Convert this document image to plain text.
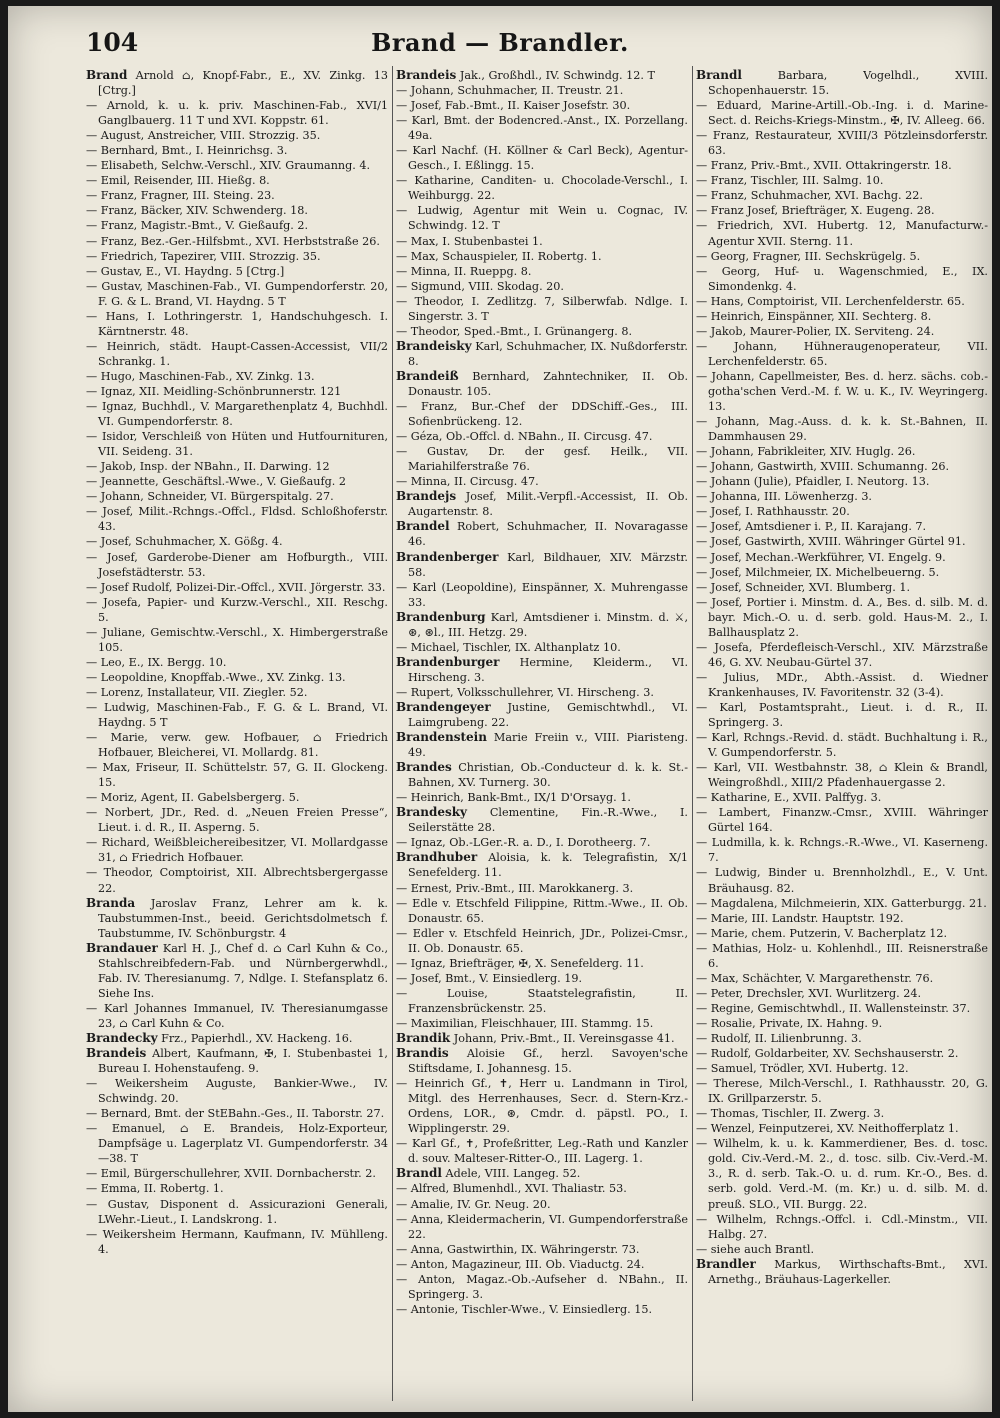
104	Brand — Brandler.
Brand Arnold ⌂, Knopf-Fabr., E., XV. Zinkg. 13 [Ctrg.]
— Arnold, k. u. k. priv. Maschinen-Fab., XVI/1 Ganglbauerg. 11 T und XVI. Koppstr. 61.
— August, Anstreicher, VIII. Strozzig. 35.
— Bernhard, Bmt., I. Heinrichsg. 3.
— Elisabeth, Selchw.-Verschl., XIV. Graumanng. 4.
— Emil, Reisender, III. Hießg. 8.
— Franz, Fragner, III. Steing. 23.
— Franz, Bäcker, XIV. Schwenderg. 18.
— Franz, Magistr.-Bmt., V. Gießaufg. 2.
— Franz, Bez.-Ger.-Hilfsbmt., XVI. Herbststraße 26.
— Friedrich, Tapezirer, VIII. Strozzig. 35.
— Gustav, E., VI. Haydng. 5 [Ctrg.]
— Gustav, Maschinen-Fab., VI. Gumpendorferstr. 20, F. G. & L. Brand, VI. Haydng. 5 T
— Hans, I. Lothringerstr. 1, Handschuhgesch. I. Kärntnerstr. 48.
— Heinrich, städt. Haupt-Cassen-Accessist, VII/2 Schrankg. 1.
— Hugo, Maschinen-Fab., XV. Zinkg. 13.
— Ignaz, XII. Meidling-Schönbrunnerstr. 121
— Ignaz, Buchhdl., V. Margarethenplatz 4, Buchhdl. VI. Gumpendorferstr. 8.
— Isidor, Verschleiß von Hüten und Hutfournituren, VII. Seideng. 31.
— Jakob, Insp. der NBahn., II. Darwing. 12
— Jeannette, Geschäftsl.-Wwe., V. Gießaufg. 2
— Johann, Schneider, VI. Bürgerspitalg. 27.
— Josef, Milit.-Rchngs.-Offcl., Fldsd. Schloßhoferstr. 43.
— Josef, Schuhmacher, X. Gößg. 4.
— Josef, Garderobe-Diener am Hofburgth., VIII. Josefstädterstr. 53.
— Josef Rudolf, Polizei-Dir.-Offcl., XVII. Jörgerstr. 33.
— Josefa, Papier- und Kurzw.-Verschl., XII. Reschg. 5.
— Juliane, Gemischtw.-Verschl., X. Himbergerstraße 105.
— Leo, E., IX. Bergg. 10.
— Leopoldine, Knopffab.-Wwe., XV. Zinkg. 13.
— Lorenz, Installateur, VII. Ziegler. 52.
— Ludwig, Maschinen-Fab., F. G. & L. Brand, VI. Haydng. 5 T
— Marie, verw. gew. Hofbauer, ⌂ Friedrich Hofbauer, Bleicherei, VI. Mollardg. 81.
— Max, Friseur, II. Schüttelstr. 57, G. II. Glockeng. 15.
— Moriz, Agent, II. Gabelsbergerg. 5.
— Norbert, JDr., Red. d. „Neuen Freien Presse“, Lieut. i. d. R., II. Asperng. 5.
— Richard, Weißbleichereibesitzer, VI. Mollardgasse 31, ⌂ Friedrich Hofbauer.
— Theodor, Comptoirist, XII. Albrechtsbergergasse 22.
Branda Jaroslav Franz, Lehrer am k. k. Taubstummen-Inst., beeid. Gerichtsdolmetsch f. Taubstumme, IV. Schönburgstr. 4
Brandauer Karl H. J., Chef d. ⌂ Carl Kuhn & Co., Stahlschreibfedern-Fab. und Nürnbergerwhdl., Fab. IV. Theresianumg. 7, Ndlge. I. Stefansplatz 6. Siehe Ins.
— Karl Johannes Immanuel, IV. Theresianumgasse 23, ⌂ Carl Kuhn & Co.
Brandecky Frz., Papierhdl., XV. Hackeng. 16.
Brandeis Albert, Kaufmann, ✠, I. Stubenbastei 1, Bureau I. Hohenstaufeng. 9.
— Weikersheim Auguste, Bankier-Wwe., IV. Schwindg. 20.
— Bernard, Bmt. der StEBahn.-Ges., II. Taborstr. 27.
— Emanuel, ⌂ E. Brandeis, Holz-Exporteur, Dampfsäge u. Lagerplatz VI. Gumpendorferstr. 34—38. T
— Emil, Bürgerschullehrer, XVII. Dornbacherstr. 2.
— Emma, II. Robertg. 1.
— Gustav, Disponent d. Assicurazioni Generali, LWehr.-Lieut., I. Landskrong. 1.
— Weikersheim Hermann, Kaufmann, IV. Mühlleng. 4.
Brandeis Jak., Großhdl., IV. Schwindg. 12. T
— Johann, Schuhmacher, II. Treustr. 21.
— Josef, Fab.-Bmt., II. Kaiser Josefstr. 30.
— Karl, Bmt. der Bodencred.-Anst., IX. Porzellang. 49a.
— Karl Nachf. (H. Köllner & Carl Beck), Agentur-Gesch., I. Eßlingg. 15.
— Katharine, Canditen- u. Chocolade-Verschl., I. Weihburgg. 22.
— Ludwig, Agentur mit Wein u. Cognac, IV. Schwindg. 12. T
— Max, I. Stubenbastei 1.
— Max, Schauspieler, II. Robertg. 1.
— Minna, II. Rueppg. 8.
— Sigmund, VIII. Skodag. 20.
— Theodor, I. Zedlitzg. 7, Silberwfab. Ndlge. I. Singerstr. 3. T
— Theodor, Sped.-Bmt., I. Grünangerg. 8.
Brandeisky Karl, Schuhmacher, IX. Nußdorferstr. 8.
Brandeiß Bernhard, Zahntechniker, II. Ob. Donaustr. 105.
— Franz, Bur.-Chef der DDSchiff.-Ges., III. Sofienbrückeng. 12.
— Géza, Ob.-Offcl. d. NBahn., II. Circusg. 47.
— Gustav, Dr. der gesf. Heilk., VII. Mariahilferstraße 76.
— Minna, II. Circusg. 47.
Brandejs Josef, Milit.-Verpfl.-Accessist, II. Ob. Augartenstr. 8.
Brandel Robert, Schuhmacher, II. Novaragasse 46.
Brandenberger Karl, Bildhauer, XIV. Märzstr. 58.
— Karl (Leopoldine), Einspänner, X. Muhrengasse 33.
Brandenburg Karl, Amtsdiener i. Minstm. d. ⚔, ⊛, ⊛l., III. Hetzg. 29.
— Michael, Tischler, IX. Althanplatz 10.
Brandenburger Hermine, Kleiderm., VI. Hirscheng. 3.
— Rupert, Volksschullehrer, VI. Hirscheng. 3.
Brandengeyer Justine, Gemischtwhdl., VI. Laimgrubeng. 22.
Brandenstein Marie Freiin v., VIII. Piaristeng. 49.
Brandes Christian, Ob.-Conducteur d. k. k. St.-Bahnen, XV. Turnerg. 30.
— Heinrich, Bank-Bmt., IX/1 D'Orsayg. 1.
Brandesky Clementine, Fin.-R.-Wwe., I. Seilerstätte 28.
— Ignaz, Ob.-LGer.-R. a. D., I. Dorotheerg. 7.
Brandhuber Aloisia, k. k. Telegrafistin, X/1 Senefelderg. 11.
— Ernest, Priv.-Bmt., III. Marokkanerg. 3.
— Edle v. Etschfeld Filippine, Rittm.-Wwe., II. Ob. Donaustr. 65.
— Edler v. Etschfeld Heinrich, JDr., Polizei-Cmsr., II. Ob. Donaustr. 65.
— Ignaz, Briefträger, ✠, X. Senefelderg. 11.
— Josef, Bmt., V. Einsiedlerg. 19.
— Louise, Staatstelegrafistin, II. Franzensbrückenstr. 25.
— Maximilian, Fleischhauer, III. Stammg. 15.
Brandik Johann, Priv.-Bmt., II. Vereinsgasse 41.
Brandis Aloisie Gf., herzl. Savoyen'sche Stiftsdame, I. Johannesg. 15.
— Heinrich Gf., ✝, Herr u. Landmann in Tirol, Mitgl. des Herrenhauses, Secr. d. Stern-Krz.-Ordens, LOR., ⊛, Cmdr. d. päpstl. PO., I. Wipplingerstr. 29.
— Karl Gf., ✝, Profeßritter, Leg.-Rath und Kanzler d. souv. Malteser-Ritter-O., III. Lagerg. 1.
Brandl Adele, VIII. Langeg. 52.
— Alfred, Blumenhdl., XVI. Thaliastr. 53.
— Amalie, IV. Gr. Neug. 20.
— Anna, Kleidermacherin, VI. Gumpendorferstraße 22.
— Anna, Gastwirthin, IX. Währingerstr. 73.
— Anton, Magazineur, III. Ob. Viaductg. 24.
— Anton, Magaz.-Ob.-Aufseher d. NBahn., II. Springerg. 3.
— Antonie, Tischler-Wwe., V. Einsiedlerg. 15.
Brandl	Barbara, Vogelhdl., XVIII. Schopenhauerstr. 15.
— Eduard, Marine-Artill.-Ob.-Ing. i. d. Marine-Sect. d. Reichs-Kriegs-Minstm., ✠, IV. Alleeg. 66.
— Franz, Restaurateur, XVIII/3 Pötzleinsdorferstr. 63.
— Franz, Priv.-Bmt., XVII. Ottakringerstr. 18.
— Franz, Tischler, III. Salmg. 10.
— Franz, Schuhmacher, XVI. Bachg. 22.
— Franz Josef, Briefträger, X. Eugeng. 28.
— Friedrich, XVI. Hubertg. 12, Manufacturw.-Agentur XVII. Sterng. 11.
— Georg, Fragner, III. Sechskrügelg. 5.
— Georg, Huf- u. Wagenschmied, E., IX. Simondenkg. 4.
— Hans, Comptoirist, VII. Lerchenfelderstr. 65.
— Heinrich, Einspänner, XII. Sechterg. 8.
— Jakob, Maurer-Polier, IX. Serviteng. 24.
— Johann, Hühneraugenoperateur, VII. Lerchenfelderstr. 65.
— Johann, Capellmeister, Bes. d. herz. sächs. cob.-gotha'schen Verd.-M. f. W. u. K., IV. Weyringerg. 13.
— Johann, Mag.-Auss. d. k. k. St.-Bahnen, II. Dammhausen 29.
— Johann, Fabrikleiter, XIV. Huglg. 26.
— Johann, Gastwirth, XVIII. Schumanng. 26.
— Johann (Julie), Pfaidler, I. Neutorg. 13.
— Johanna, III. Löwenherzg. 3.
— Josef, I. Rathhausstr. 20.
— Josef, Amtsdiener i. P., II. Karajang. 7.
— Josef, Gastwirth, XVIII. Währinger Gürtel 91.
— Josef, Mechan.-Werkführer, VI. Engelg. 9.
— Josef, Milchmeier, IX. Michelbeuerng. 5.
— Josef, Schneider, XVI. Blumberg. 1.
— Josef, Portier i. Minstm. d. A., Bes. d. silb. M. d. bayr. Mich.-O. u. d. serb. gold. Haus-M. 2., I. Ballhausplatz 2.
— Josefa, Pferdefleisch-Verschl., XIV. Märzstraße 46, G. XV. Neubau-Gürtel 37.
— Julius, MDr., Abth.-Assist. d. Wiedner Krankenhauses, IV. Favoritenstr. 32 (3-4).
— Karl, Postamtspraht., Lieut. i. d. R., II. Springerg. 3.
— Karl, Rchngs.-Revid. d. städt. Buchhaltung i. R., V. Gumpendorferstr. 5.
— Karl, VII. Westbahnstr. 38, ⌂ Klein & Brandl, Weingroßhdl., XIII/2 Pfadenhauergasse 2.
— Katharine, E., XVII. Palffyg. 3.
— Lambert, Finanzw.-Cmsr., XVIII. Währinger Gürtel 164.
— Ludmilla, k. k. Rchngs.-R.-Wwe., VI. Kaserneng. 7.
— Ludwig, Binder u. Brennholzhdl., E., V. Unt. Bräuhausg. 82.
— Magdalena, Milchmeierin, XIX. Gatterburgg. 21.
— Marie, III. Landstr. Hauptstr. 192.
— Marie, chem. Putzerin, V. Bacherplatz 12.
— Mathias, Holz- u. Kohlenhdl., III. Reisnerstraße 6.
— Max, Schächter, V. Margarethenstr. 76.
— Peter, Drechsler, XVI. Wurlitzerg. 24.
— Regine, Gemischtwhdl., II. Wallensteinstr. 37.
— Rosalie, Private, IX. Hahng. 9.
— Rudolf, II. Lilienbrunng. 3.
— Rudolf, Goldarbeiter, XV. Sechshauserstr. 2.
— Samuel, Trödler, XVI. Hubertg. 12.
— Therese, Milch-Verschl., I. Rathhausstr. 20, G. IX. Grillparzerstr. 5.
— Thomas, Tischler, II. Zwerg. 3.
— Wenzel, Feinputzerei, XV. Neithofferplatz 1.
— Wilhelm, k. u. k. Kammerdiener, Bes. d. tosc. gold. Civ.-Verd.-M. 2., d. tosc. silb. Civ.-Verd.-M. 3., R. d. serb. Tak.-O. u. d. rum. Kr.-O., Bes. d. serb. gold. Verd.-M. (m. Kr.) u. d. silb. M. d. preuß. SLO., VII. Burgg. 22.
— Wilhelm, Rchngs.-Offcl. i. Cdl.-Minstm., VII. Halbg. 27.
— siehe auch Brantl.
Brandler Markus, Wirthschafts-Bmt., XVI. Arnethg., Bräuhaus-Lagerkeller.
